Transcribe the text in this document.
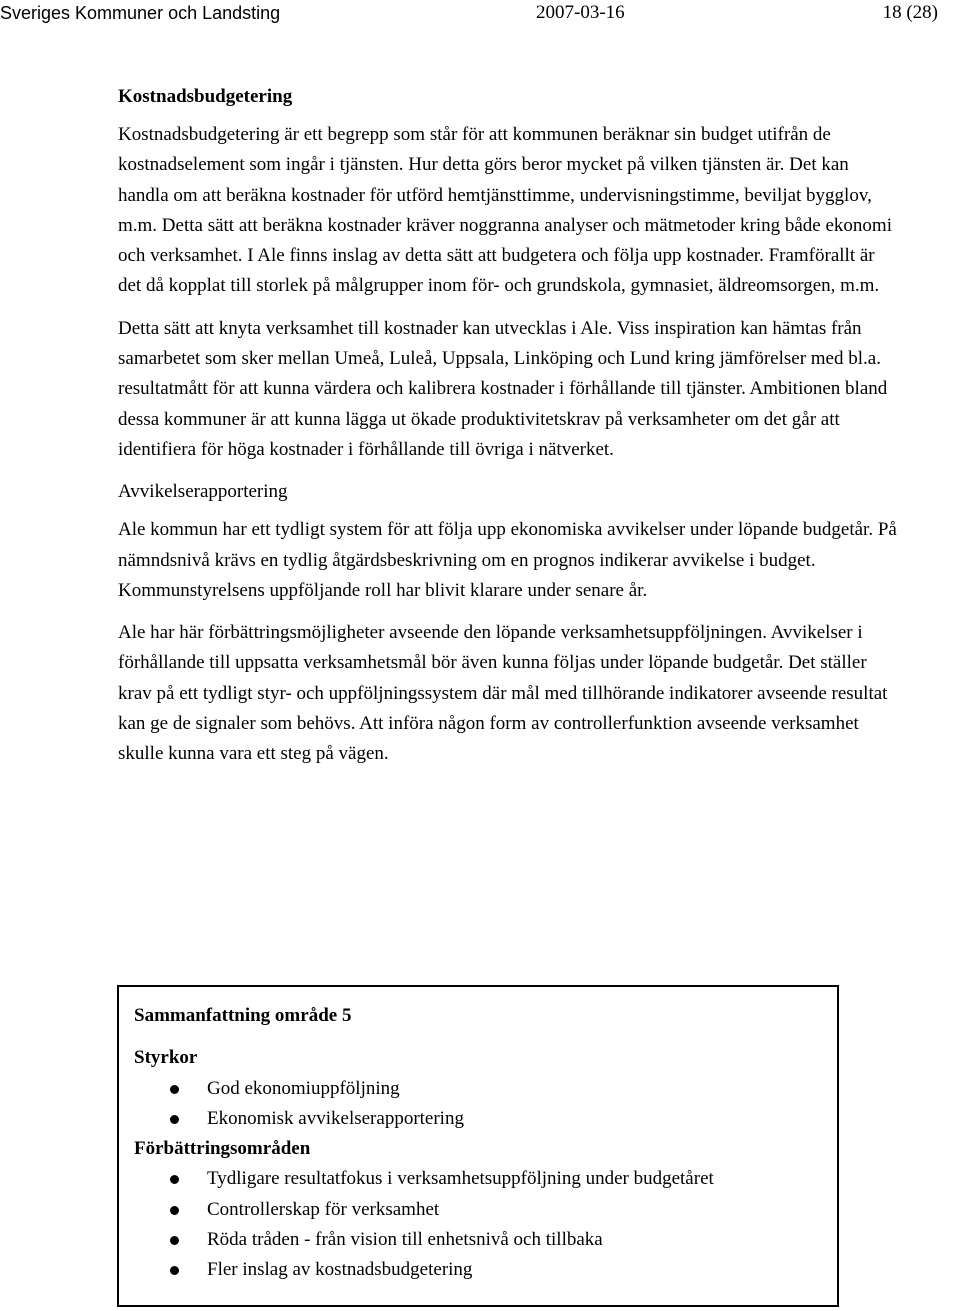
Sveriges Kommuner och Landsting	2007-03-16	18 (28)
Kostnadsbudgetering

Kostnadsbudgetering är ett begrepp som står för att kommunen beräknar sin budget utifrån de kostnadselement som ingår i tjänsten. Hur detta görs beror mycket på vilken tjänsten är. Det kan handla om att beräkna kostnader för utförd hemtjänsttimme, undervisningstimme, beviljat bygglov, m.m. Detta sätt att beräkna kostnader kräver noggranna analyser och mätmetoder kring både ekonomi och verksamhet. I Ale finns inslag av detta sätt att budgetera och följa upp kostnader. Framförallt är det då kopplat till storlek på målgrupper inom för- och grundskola, gymnasiet, äldreomsorgen, m.m.

Detta sätt att knyta verksamhet till kostnader kan utvecklas i Ale. Viss inspiration kan hämtas från samarbetet som sker mellan Umeå, Luleå, Uppsala, Linköping och Lund kring jämförelser med bl.a. resultatmått för att kunna värdera och kalibrera kostnader i förhållande till tjänster. Ambitionen bland dessa kommuner är att kunna lägga ut ökade produktivitetskrav på verksamheter om det går att identifiera för höga kostnader i förhållande till övriga i nätverket.

Avvikelserapportering

Ale kommun har ett tydligt system för att följa upp ekonomiska avvikelser under löpande budgetår. På nämndsnivå krävs en tydlig åtgärdsbeskrivning om en prognos indikerar avvikelse i budget. Kommunstyrelsens uppföljande roll har blivit klarare under senare år.

Ale har här förbättringsmöjligheter avseende den löpande verksamhetsuppföljningen. Avvikelser i förhållande till uppsatta verksamhetsmål bör även kunna följas under löpande budgetår. Det ställer krav på ett tydligt styr- och uppföljningssystem där mål med tillhörande indikatorer avseende resultat kan ge de signaler som behövs. Att införa någon form av controllerfunktion avseende verksamhet skulle kunna vara ett steg på vägen.

Sammanfattning område 5
Styrkor
God ekonomiuppföljning
Ekonomisk avvikelserapportering
Förbättringsområden
Tydligare resultatfokus i verksamhetsuppföljning under budgetåret
Controllerskap för verksamhet
Röda tråden - från vision till enhetsnivå och tillbaka
Fler inslag av kostnadsbudgetering
